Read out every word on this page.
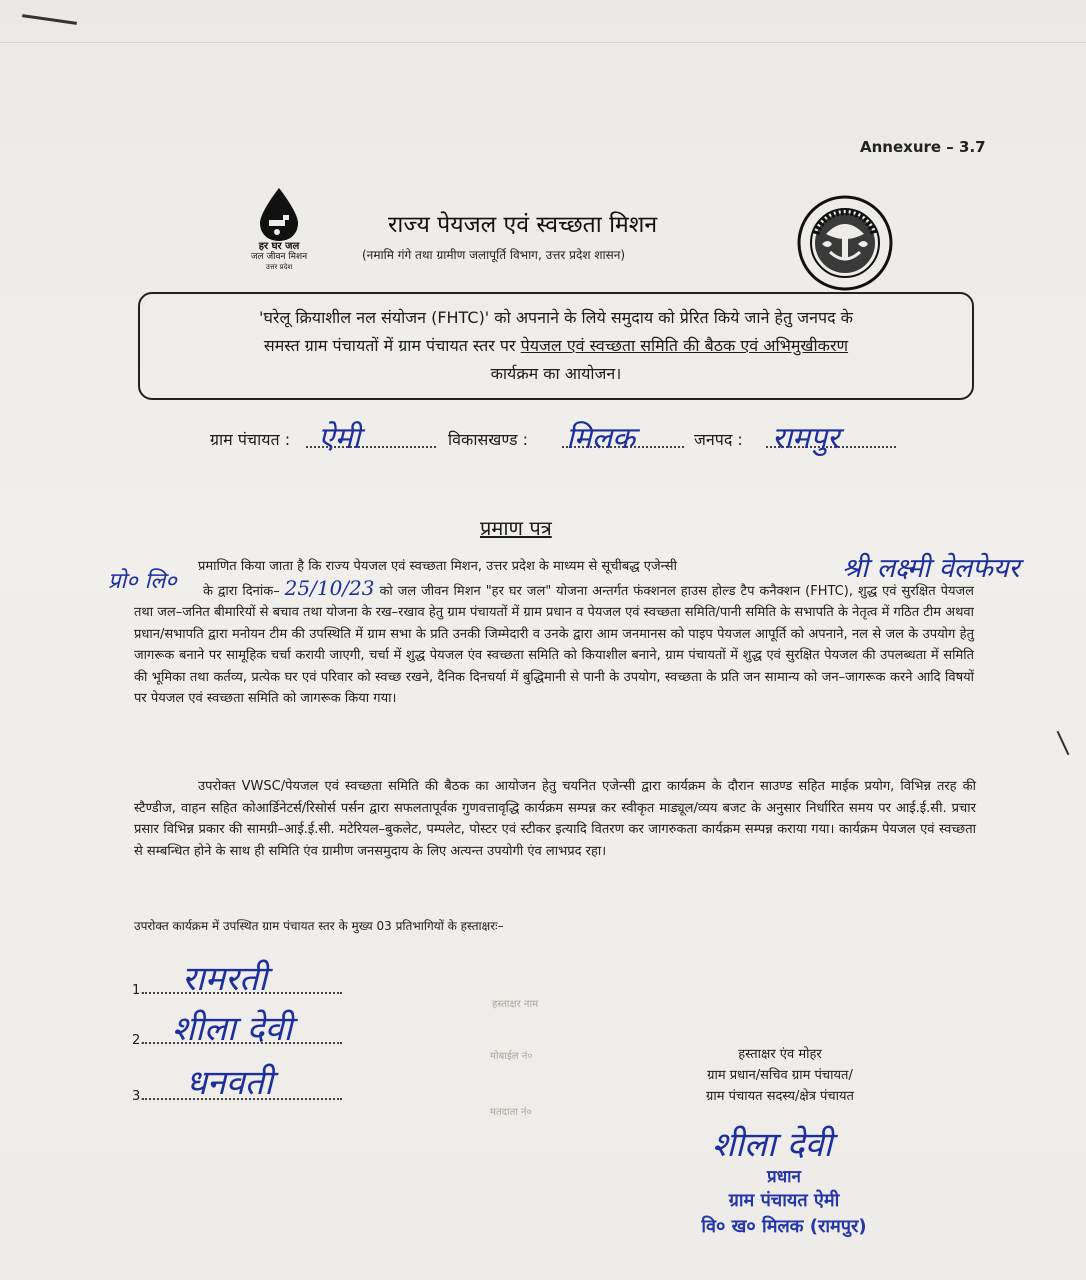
Annexure – 3.7
हर घर जल
जल जीवन मिशन
उत्तर प्रदेश
राज्य पेयजल एवं स्वच्छता मिशन
(नमामि गंगे तथा ग्रामीण जलापूर्ति विभाग, उत्तर प्रदेश शासन)
'घरेलू क्रियाशील नल संयोजन (FHTC)' को अपनाने के लिये समुदाय को प्रेरित किये जाने हेतु जनपद के
समस्त ग्राम पंचायतों में ग्राम पंचायत स्तर पर पेयजल एवं स्वच्छता समिति की बैठक एवं अभिमुखीकरण
कार्यक्रम का आयोजन।
ग्राम पंचायत : ऐमी	विकासखण्ड : मिलक	जनपद : रामपुर
प्रमाण पत्र
श्री लक्ष्मी वेलफेयर
प्रो० लि०
प्रमाणित किया जाता है कि राज्य पेयजल एवं स्वच्छता मिशन, उत्तर प्रदेश के माध्यम से सूचीबद्ध एजेन्सी
के द्वारा दिनांक– 25/10/23 को जल जीवन मिशन "हर घर जल" योजना अन्तर्गत फंक्शनल हाउस होल्ड टैप कनैक्शन (FHTC), शुद्ध एवं सुरक्षित पेयजल तथा जल–जनित बीमारियों से बचाव तथा योजना के रख–रखाव हेतु ग्राम पंचायतों में ग्राम प्रधान व पेयजल एवं स्वच्छता समिति/पानी समिति के सभापति के नेतृत्व में गठित टीम अथवा प्रधान/सभापति द्वारा मनोयन टीम की उपस्थिति में ग्राम सभा के प्रति उनकी जिम्मेदारी व उनके द्वारा आम जनमानस को पाइप पेयजल आपूर्ति को अपनाने, नल से जल के उपयोग हेतु जागरूक बनाने पर सामूहिक चर्चा करायी जाएगी, चर्चा में शुद्ध पेयजल एंव स्वच्छता समिति को कियाशील बनाने, ग्राम पंचायतों में शुद्ध एवं सुरक्षित पेयजल की उपलब्धता में समिति की भूमिका तथा कर्तव्य, प्रत्येक घर एवं परिवार को स्वच्छ रखने, दैनिक दिनचर्या में बुद्धिमानी से पानी के उपयोग, स्वच्छता के प्रति जन सामान्य को जन–जागरूक करने आदि विषयों पर पेयजल एवं स्वच्छता समिति को जागरूक किया गया।
उपरोक्त VWSC/पेयजल एवं स्वच्छता समिति की बैठक का आयोजन हेतु चयनित एजेन्सी द्वारा कार्यक्रम के दौरान साउण्ड सहित माईक प्रयोग, विभिन्न तरह की स्टैण्डीज, वाहन सहित कोआर्डिनेटर्स/रिसोर्स पर्सन द्वारा सफलतापूर्वक गुणवत्तावृद्धि कार्यक्रम सम्पन्न कर स्वीकृत माड्यूल/व्यय बजट के अनुसार निर्धारित समय पर आई.ई.सी. प्रचार प्रसार विभिन्न प्रकार की सामग्री–आई.ई.सी. मटेरियल–बुकलेट, पम्पलेट, पोस्टर एवं स्टीकर इत्यादि वितरण कर जागरुकता कार्यक्रम सम्पन्न कराया गया। कार्यक्रम पेयजल एवं स्वच्छता से सम्बन्धित होने के साथ ही समिति एंव ग्रामीण जनसमुदाय के लिए अत्यन्त उपयोगी एंव लाभप्रद रहा।
उपरोक्त कार्यक्रम में उपस्थित ग्राम पंचायत स्तर के मुख्य 03 प्रतिभागियों के हस्ताक्षरः–
1.	रामरती
2. शीला देवी
3.	धनवती
हस्ताक्षर नाम
मोबाईल नं०
मतदाता नं०
हस्ताक्षर एंव मोहर
ग्राम प्रधान/सचिव ग्राम पंचायत/
ग्राम पंचायत सदस्य/क्षेत्र पंचायत
शीला देवी
प्रधान
ग्राम पंचायत ऐमी
वि० ख० मिलक (रामपुर)
